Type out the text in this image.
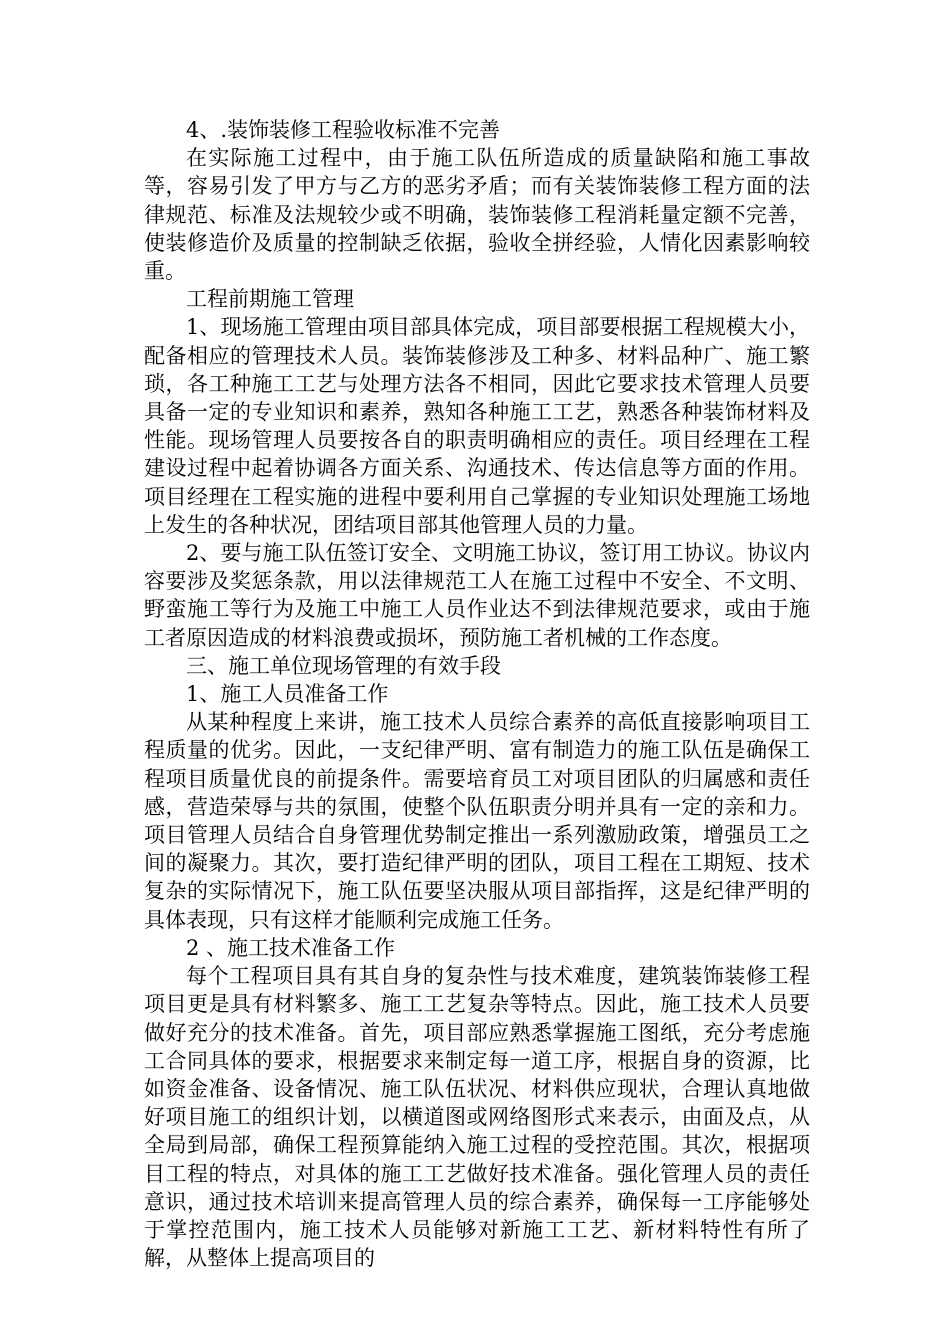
4、.装饰装修工程验收标准不完善

在实际施工过程中，由于施工队伍所造成的质量缺陷和施工事故等，容易引发了甲方与乙方的恶劣矛盾；而有关装饰装修工程方面的法律规范、标准及法规较少或不明确，装饰装修工程消耗量定额不完善，使装修造价及质量的控制缺乏依据，验收全拼经验，人情化因素影响较重。

工程前期施工管理

1、现场施工管理由项目部具体完成，项目部要根据工程规模大小，配备相应的管理技术人员。装饰装修涉及工种多、材料品种广、施工繁琐，各工种施工工艺与处理方法各不相同，因此它要求技术管理人员要具备一定的专业知识和素养，熟知各种施工工艺，熟悉各种装饰材料及性能。现场管理人员要按各自的职责明确相应的责任。项目经理在工程建设过程中起着协调各方面关系、沟通技术、传达信息等方面的作用。项目经理在工程实施的进程中要利用自己掌握的专业知识处理施工场地上发生的各种状况，团结项目部其他管理人员的力量。

2、要与施工队伍签订安全、文明施工协议，签订用工协议。协议内容要涉及奖惩条款，用以法律规范工人在施工过程中不安全、不文明、野蛮施工等行为及施工中施工人员作业达不到法律规范要求，或由于施工者原因造成的材料浪费或损坏，预防施工者机械的工作态度。

三、施工单位现场管理的有效手段

1、施工人员准备工作

从某种程度上来讲，施工技术人员综合素养的高低直接影响项目工程质量的优劣。因此，一支纪律严明、富有制造力的施工队伍是确保工程项目质量优良的前提条件。需要培育员工对项目团队的归属感和责任感，营造荣辱与共的氛围，使整个队伍职责分明并具有一定的亲和力。项目管理人员结合自身管理优势制定推出一系列激励政策，增强员工之间的凝聚力。其次，要打造纪律严明的团队，项目工程在工期短、技术复杂的实际情况下，施工队伍要坚决服从项目部指挥，这是纪律严明的具体表现，只有这样才能顺利完成施工任务。

2 、施工技术准备工作

每个工程项目具有其自身的复杂性与技术难度，建筑装饰装修工程项目更是具有材料繁多、施工工艺复杂等特点。因此，施工技术人员要做好充分的技术准备。首先，项目部应熟悉掌握施工图纸，充分考虑施工合同具体的要求，根据要求来制定每一道工序，根据自身的资源，比如资金准备、设备情况、施工队伍状况、材料供应现状，合理认真地做好项目施工的组织计划，以横道图或网络图形式来表示，由面及点，从全局到局部，确保工程预算能纳入施工过程的受控范围。其次，根据项目工程的特点，对具体的施工工艺做好技术准备。强化管理人员的责任意识，通过技术培训来提高管理人员的综合素养，确保每一工序能够处于掌控范围内，施工技术人员能够对新施工工艺、新材料特性有所了解，从整体上提高项目的
